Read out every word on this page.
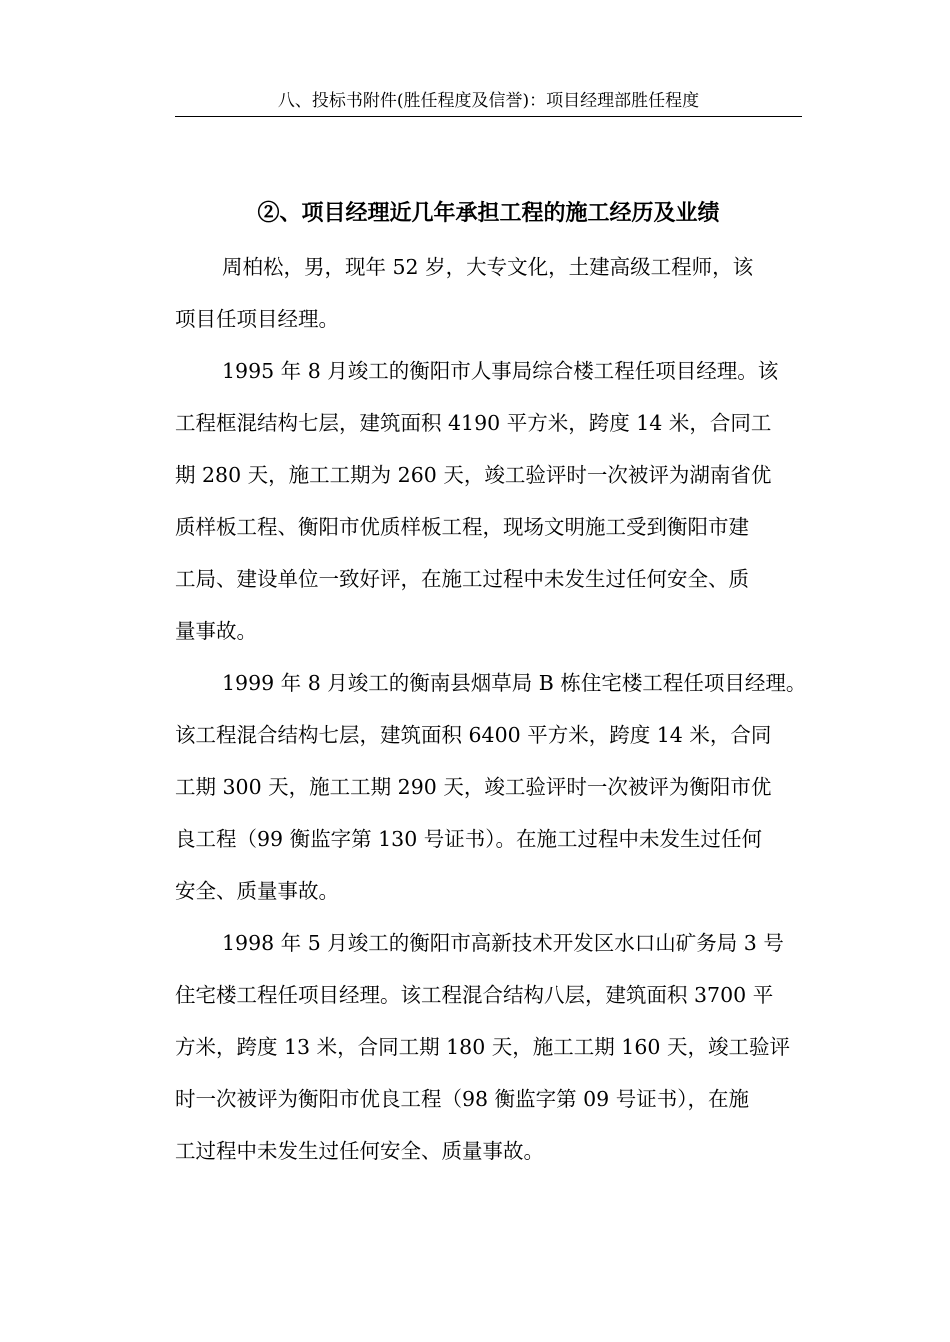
八、投标书附件(胜任程度及信誉)：项目经理部胜任程度
②、项目经理近几年承担工程的施工经历及业绩
周柏松，男，现年 52 岁，大专文化，土建高级工程师，该
项目任项目经理。
1995 年 8 月竣工的衡阳市人事局综合楼工程任项目经理。该
工程框混结构七层，建筑面积 4190 平方米，跨度 14 米，合同工
期 280 天，施工工期为 260 天，竣工验评时一次被评为湖南省优
质样板工程、衡阳市优质样板工程，现场文明施工受到衡阳市建
工局、建设单位一致好评，在施工过程中未发生过任何安全、质
量事故。
1999 年 8 月竣工的衡南县烟草局 B 栋住宅楼工程任项目经理。
该工程混合结构七层，建筑面积 6400 平方米，跨度 14 米，合同
工期 300 天，施工工期 290 天，竣工验评时一次被评为衡阳市优
良工程（99 衡监字第 130 号证书）。在施工过程中未发生过任何
安全、质量事故。
1998 年 5 月竣工的衡阳市高新技术开发区水口山矿务局 3 号
住宅楼工程任项目经理。该工程混合结构八层，建筑面积 3700 平
方米，跨度 13 米，合同工期 180 天，施工工期 160 天，竣工验评
时一次被评为衡阳市优良工程（98 衡监字第 09 号证书），在施
工过程中未发生过任何安全、质量事故。
